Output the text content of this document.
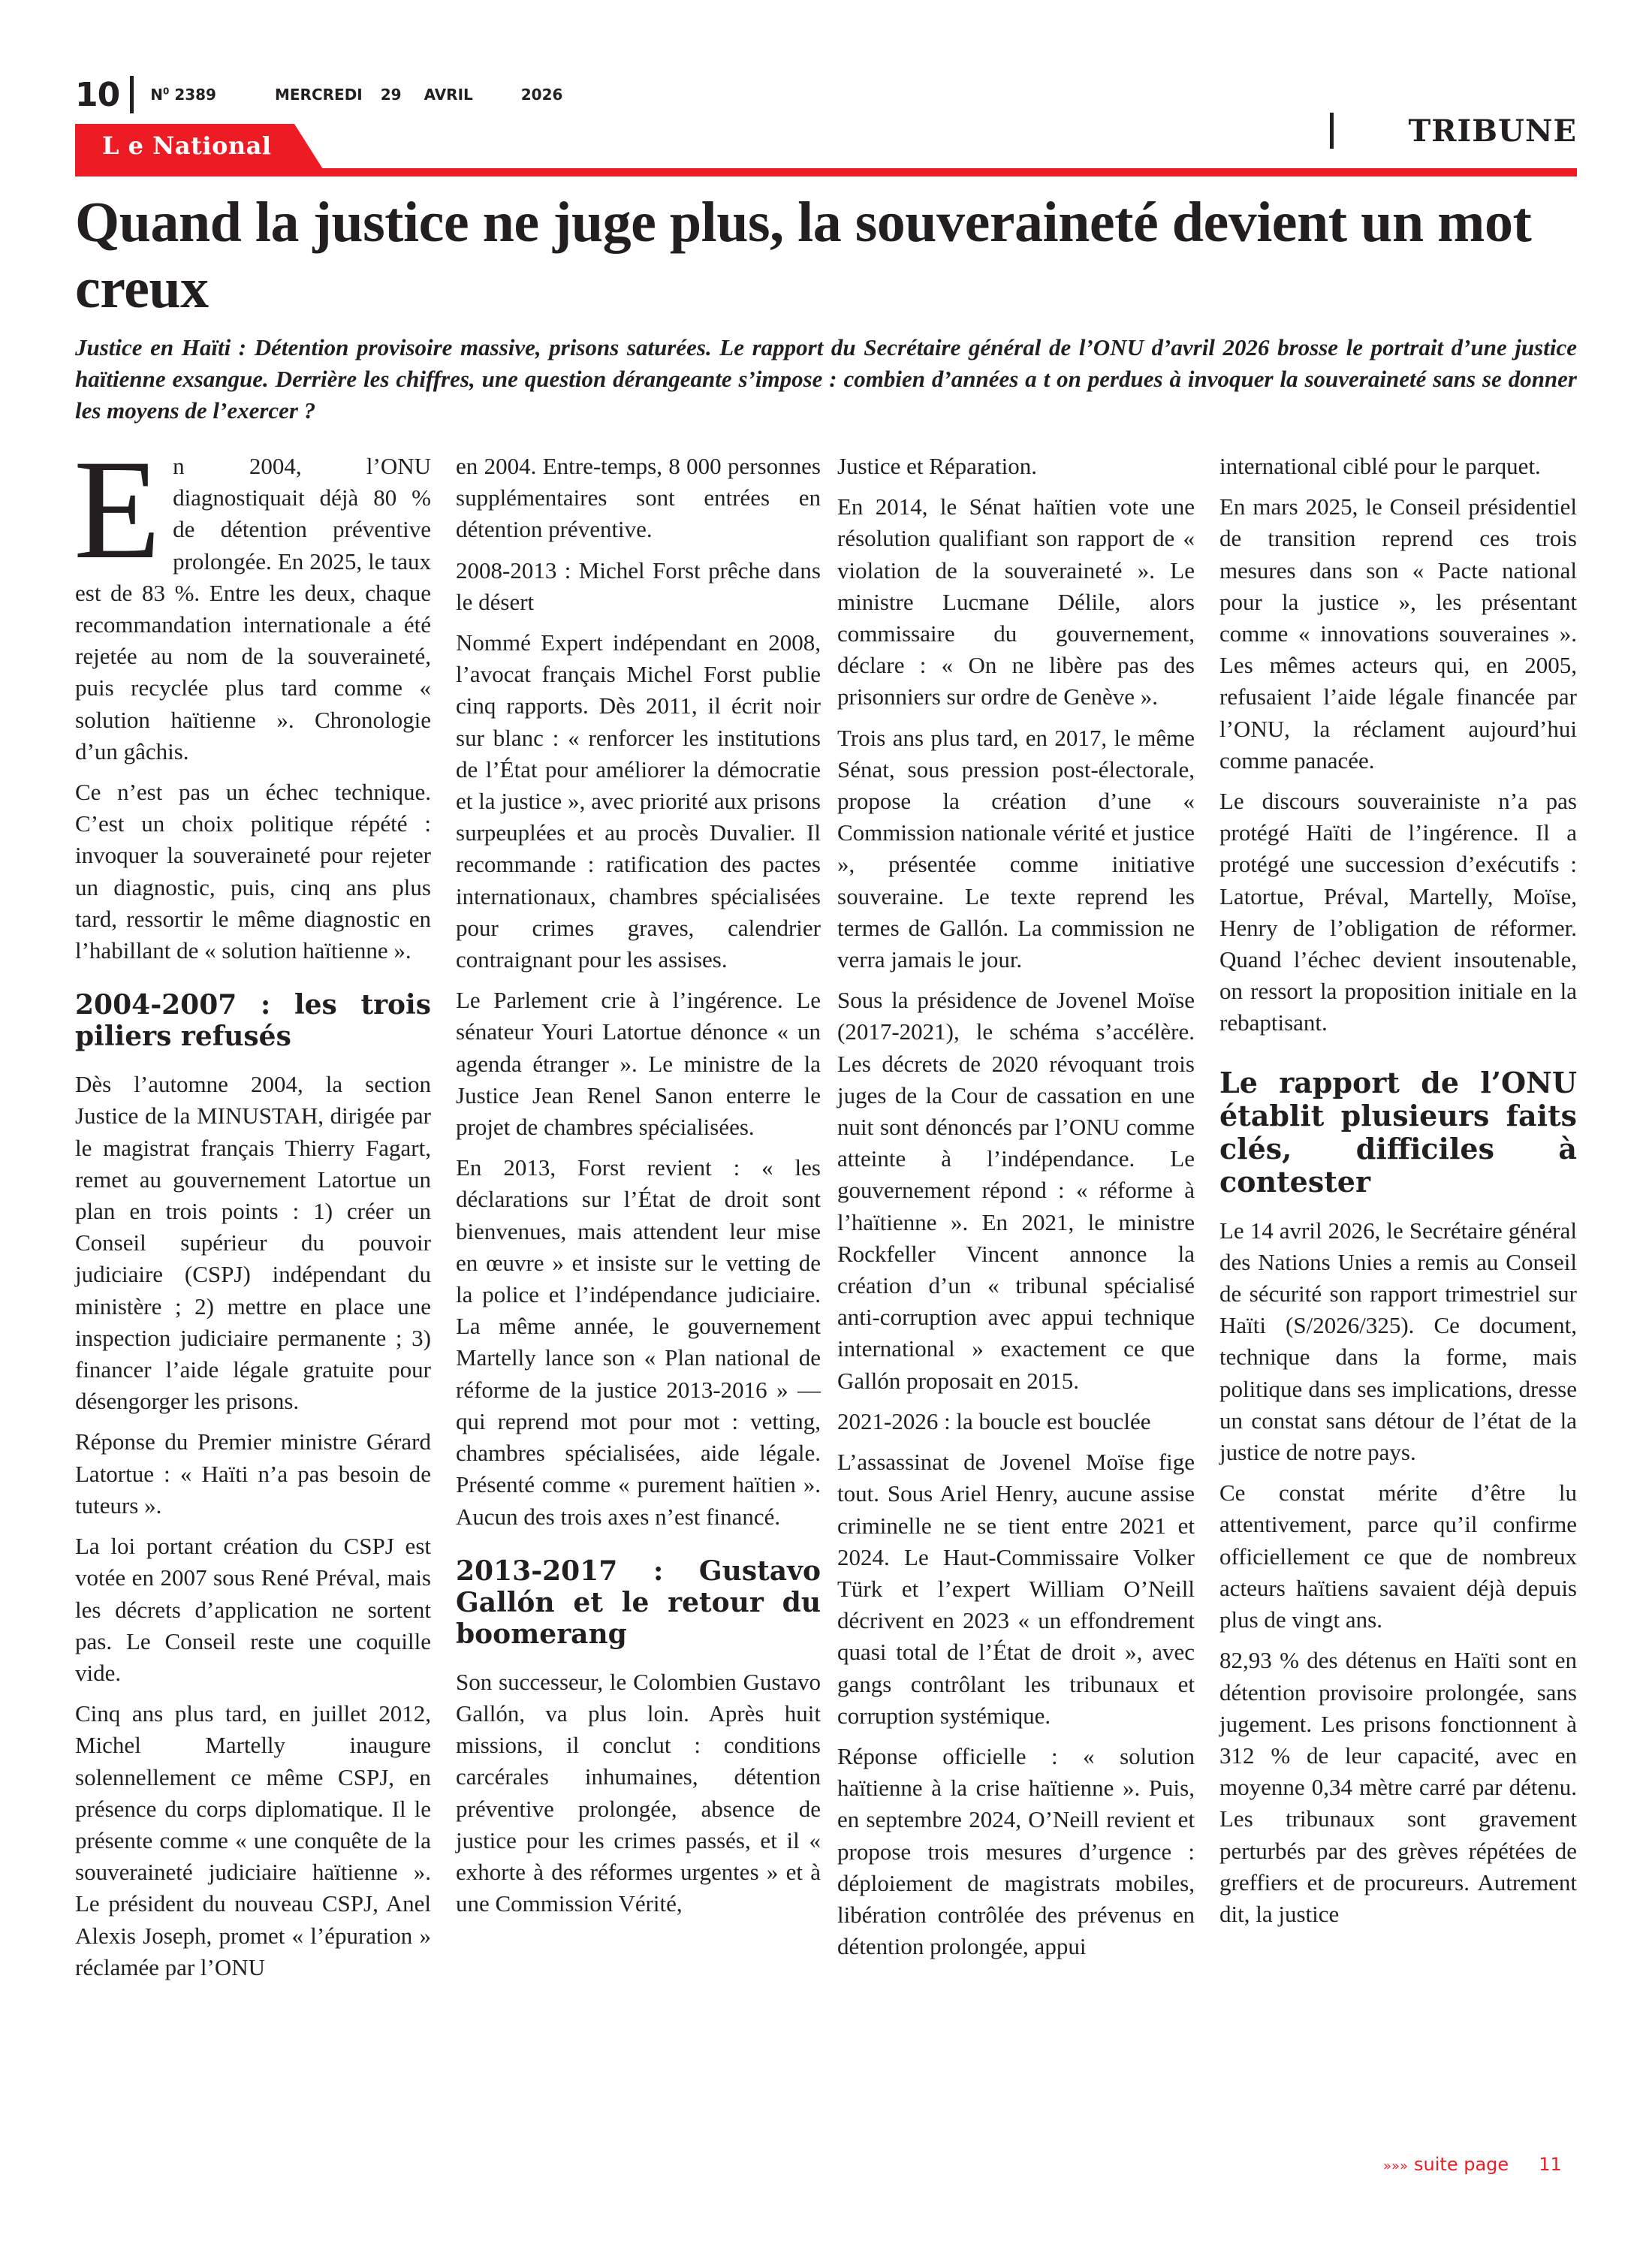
10 $N^0$ 2389	MERCREDI 29 AVRIL	2026
L e National	TRIBUNE
Quand la justice ne juge plus, la souveraineté devient un mot creux

Justice en Haïti : Détention provisoire massive, prisons saturées. Le rapport du Secrétaire général de l’ONU d’avril 2026 brosse le portrait d’une justice haïtienne exsangue. Derrière les chiffres, une question dérangeante s’impose : combien d’années a t on perdues à invoquer la souveraineté sans se donner les moyens de l’exercer ?

En 2004, l’ONU diagnostiquait déjà 80 % de détention préventive prolongée. En 2025, le taux est de 83 %. Entre les deux, chaque recommandation internationale a été rejetée au nom de la souveraineté, puis recyclée plus tard comme « solution haïtienne ». Chronologie d’un gâchis.

Ce n’est pas un échec technique. C’est un choix politique répété : invoquer la souveraineté pour rejeter un diagnostic, puis, cinq ans plus tard, ressortir le même diagnostic en l’habillant de « solution haïtienne ».

2004-2007 : les trois piliers refusés

Dès l’automne 2004, la section Justice de la MINUSTAH, dirigée par le magistrat français Thierry Fagart, remet au gouvernement Latortue un plan en trois points : 1) créer un Conseil supérieur du pouvoir judiciaire (CSPJ) indépendant du ministère ; 2) mettre en place une inspection judiciaire permanente ; 3) financer l’aide légale gratuite pour désengorger les prisons.

Réponse du Premier ministre Gérard Latortue : « Haïti n’a pas besoin de tuteurs ».

La loi portant création du CSPJ est votée en 2007 sous René Préval, mais les décrets d’application ne sortent pas. Le Conseil reste une coquille vide.

Cinq ans plus tard, en juillet 2012, Michel Martelly inaugure solennellement ce même CSPJ, en présence du corps diplomatique. Il le présente comme « une conquête de la souveraineté judiciaire haïtienne ». Le président du nouveau CSPJ, Anel Alexis Joseph, promet « l’épuration » réclamée par l’ONU

en 2004. Entre-temps, 8 000 personnes supplémentaires sont entrées en détention préventive.

2008-2013 : Michel Forst prêche dans le désert

Nommé Expert indépendant en 2008, l’avocat français Michel Forst publie cinq rapports. Dès 2011, il écrit noir sur blanc : « renforcer les institutions de l’État pour améliorer la démocratie et la justice », avec priorité aux prisons surpeuplées et au procès Duvalier. Il recommande : ratification des pactes internationaux, chambres spécialisées pour crimes graves, calendrier contraignant pour les assises.

Le Parlement crie à l’ingérence. Le sénateur Youri Latortue dénonce « un agenda étranger ». Le ministre de la Justice Jean Renel Sanon enterre le projet de chambres spécialisées.

En 2013, Forst revient : « les déclarations sur l’État de droit sont bienvenues, mais attendent leur mise en œuvre » et insiste sur le vetting de la police et l’indépendance judiciaire. La même année, le gouvernement Martelly lance son « Plan national de réforme de la justice 2013-2016 » — qui reprend mot pour mot : vetting, chambres spécialisées, aide légale. Présenté comme « purement haïtien ». Aucun des trois axes n’est financé.

2013-2017 : Gustavo Gallón et le retour du boomerang

Son successeur, le Colombien Gustavo Gallón, va plus loin. Après huit missions, il conclut : conditions carcérales inhumaines, détention préventive prolongée, absence de justice pour les crimes passés, et il « exhorte à des réformes urgentes » et à une Commission Vérité,

Justice et Réparation.

En 2014, le Sénat haïtien vote une résolution qualifiant son rapport de « violation de la souveraineté ». Le ministre Lucmane Délile, alors commissaire du gouvernement, déclare : « On ne libère pas des prisonniers sur ordre de Genève ».

Trois ans plus tard, en 2017, le même Sénat, sous pression post-électorale, propose la création d’une « Commission nationale vérité et justice », présentée comme initiative souveraine. Le texte reprend les termes de Gallón. La commission ne verra jamais le jour.

Sous la présidence de Jovenel Moïse (2017-2021), le schéma s’accélère. Les décrets de 2020 révoquant trois juges de la Cour de cassation en une nuit sont dénoncés par l’ONU comme atteinte à l’indépendance. Le gouvernement répond : « réforme à l’haïtienne ». En 2021, le ministre Rockfeller Vincent annonce la création d’un « tribunal spécialisé anti-corruption avec appui technique international » exactement ce que Gallón proposait en 2015.

2021-2026 : la boucle est bouclée

L’assassinat de Jovenel Moïse fige tout. Sous Ariel Henry, aucune assise criminelle ne se tient entre 2021 et 2024. Le Haut-Commissaire Volker Türk et l’expert William O’Neill décrivent en 2023 « un effondrement quasi total de l’État de droit », avec gangs contrôlant les tribunaux et corruption systémique.

Réponse officielle : « solution haïtienne à la crise haïtienne ». Puis, en septembre 2024, O’Neill revient et propose trois mesures d’urgence : déploiement de magistrats mobiles, libération contrôlée des prévenus en détention prolongée, appui

international ciblé pour le parquet.

En mars 2025, le Conseil présidentiel de transition reprend ces trois mesures dans son « Pacte national pour la justice », les présentant comme « innovations souveraines ». Les mêmes acteurs qui, en 2005, refusaient l’aide légale financée par l’ONU, la réclament aujourd’hui comme panacée.

Le discours souverainiste n’a pas protégé Haïti de l’ingérence. Il a protégé une succession d’exécutifs : Latortue, Préval, Martelly, Moïse, Henry de l’obligation de réformer. Quand l’échec devient insoutenable, on ressort la proposition initiale en la rebaptisant.

Le rapport de l’ONU établit plusieurs faits clés, difficiles à contester

Le 14 avril 2026, le Secrétaire général des Nations Unies a remis au Conseil de sécurité son rapport trimestriel sur Haïti (S/2026/325). Ce document, technique dans la forme, mais politique dans ses implications, dresse un constat sans détour de l’état de la justice de notre pays.

Ce constat mérite d’être lu attentivement, parce qu’il confirme officiellement ce que de nombreux acteurs haïtiens savaient déjà depuis plus de vingt ans.

82,93 % des détenus en Haïti sont en détention provisoire prolongée, sans jugement. Les prisons fonctionnent à 312 % de leur capacité, avec en moyenne 0,34 mètre carré par détenu. Les tribunaux sont gravement perturbés par des grèves répétées de greffiers et de procureurs. Autrement dit, la justice

»»» suite page 11
